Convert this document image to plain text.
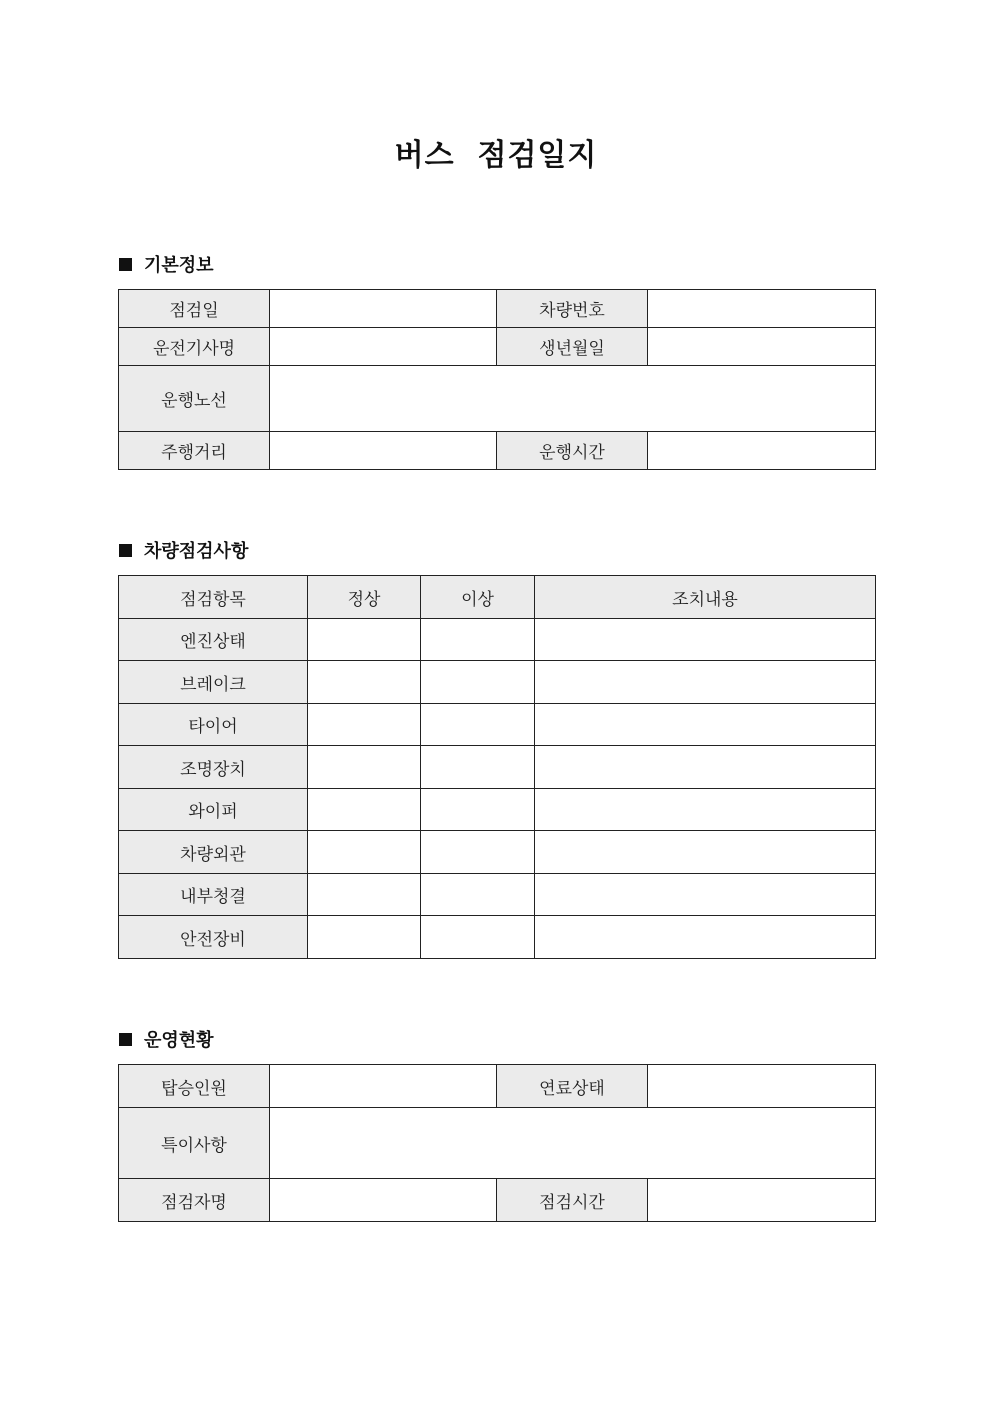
버스  점검일지
기본정보
점검일		차량번호	
운전기사명		생년월일	
운행노선			
주행거리		운행시간	
차량점검사항
점검항목	정상	이상	조치내용
엔진상태			
브레이크			
타이어			
조명장치			
와이퍼			
차량외관			
내부청결			
안전장비			
운영현황
탑승인원		연료상태	
특이사항			
점검자명		점검시간	
